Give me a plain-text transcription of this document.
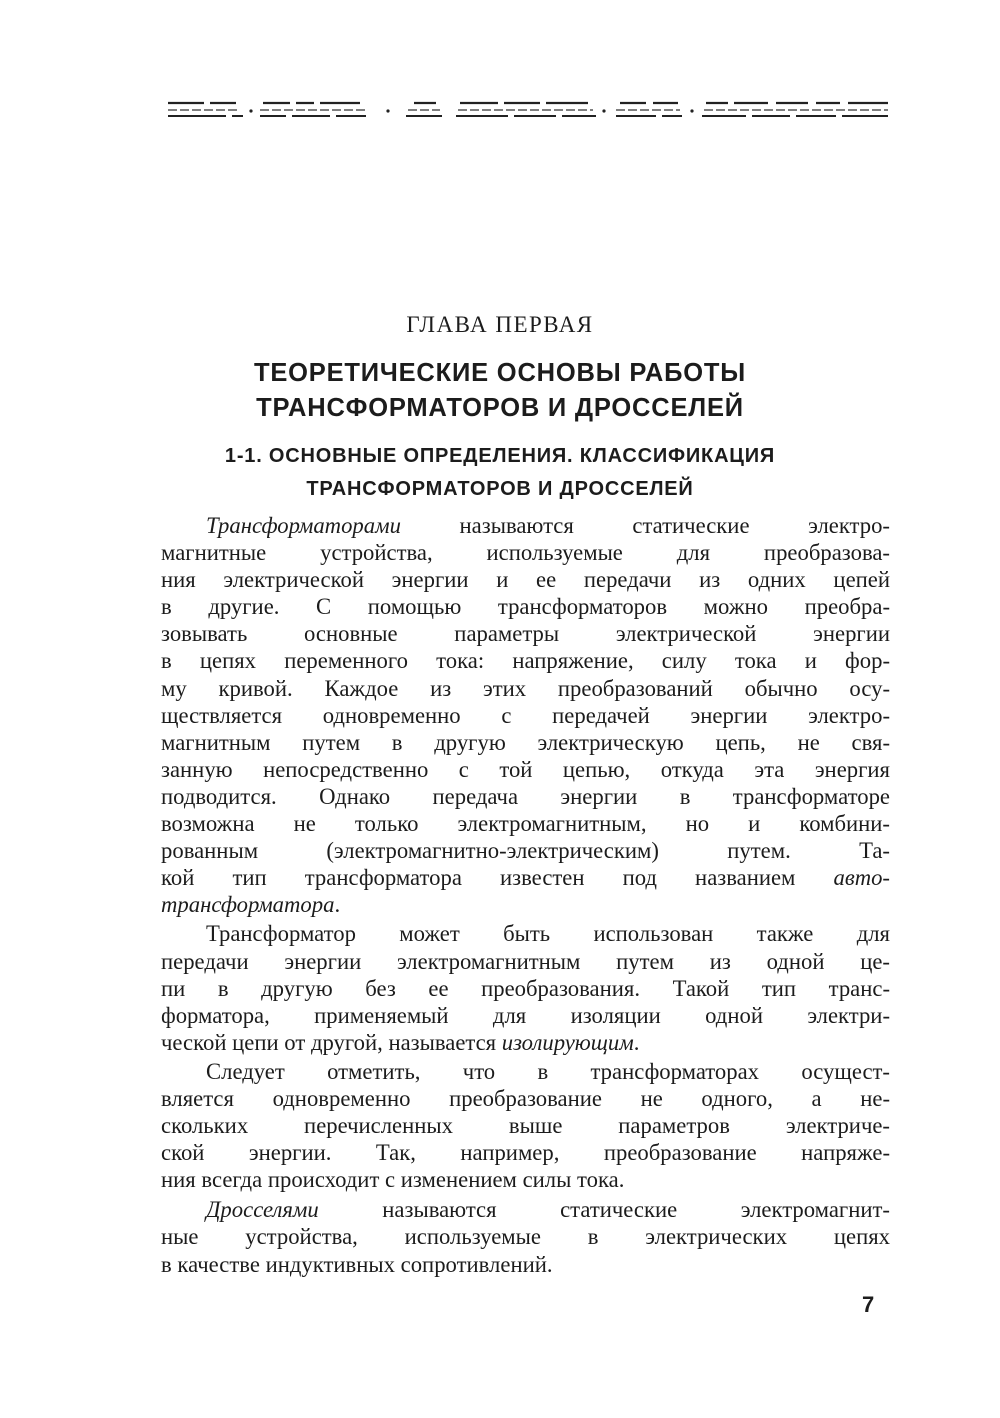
ГЛАВА ПЕРВАЯ
ТЕОРЕТИЧЕСКИЕ ОСНОВЫ РАБОТЫ
ТРАНСФОРМАТОРОВ И ДРОССЕЛЕЙ
1-1. ОСНОВНЫЕ ОПРЕДЕЛЕНИЯ. КЛАССИФИКАЦИЯ
ТРАНСФОРМАТОРОВ И ДРОССЕЛЕЙ
Трансформаторами	называются статические электро-
магнитные устройства, используемые для преобразова-
ния электрической энергии и ее передачи из одних цепей
в другие. С помощью трансформаторов можно преобра-
зовывать основные параметры электрической энергии
в цепях переменного тока: напряжение, силу тока и фор-
му кривой. Каждое из этих преобразований обычно осу-
ществляется одновременно с передачей энергии электро-
магнитным путем в другую электрическую цепь, не свя-
занную непосредственно с той цепью, откуда эта энергия
подводится. Однако передача энергии в трансформаторе
возможна не только электромагнитным, но и комбини-
рованным (электромагнитно-электрическим) путем. Та-
кой тип трансформатора известен под названием авто-
трансформатора.
Трансформатор может быть использован также для
передачи энергии электромагнитным путем из одной це-
пи в другую без ее преобразования. Такой тип транс-
форматора, применяемый для изоляции одной электри-
ческой цепи от другой, называется изолирующим.
Следует отметить, что в трансформаторах осущест-
вляется одновременно преобразование не одного, а не-
скольких перечисленных выше параметров электриче-
ской энергии. Так, например, преобразование напряже-
ния всегда происходит с изменением силы тока.
Дросселями	называются статические электромагнит-
ные устройства, используемые в электрических цепях
в качестве индуктивных сопротивлений.
7
